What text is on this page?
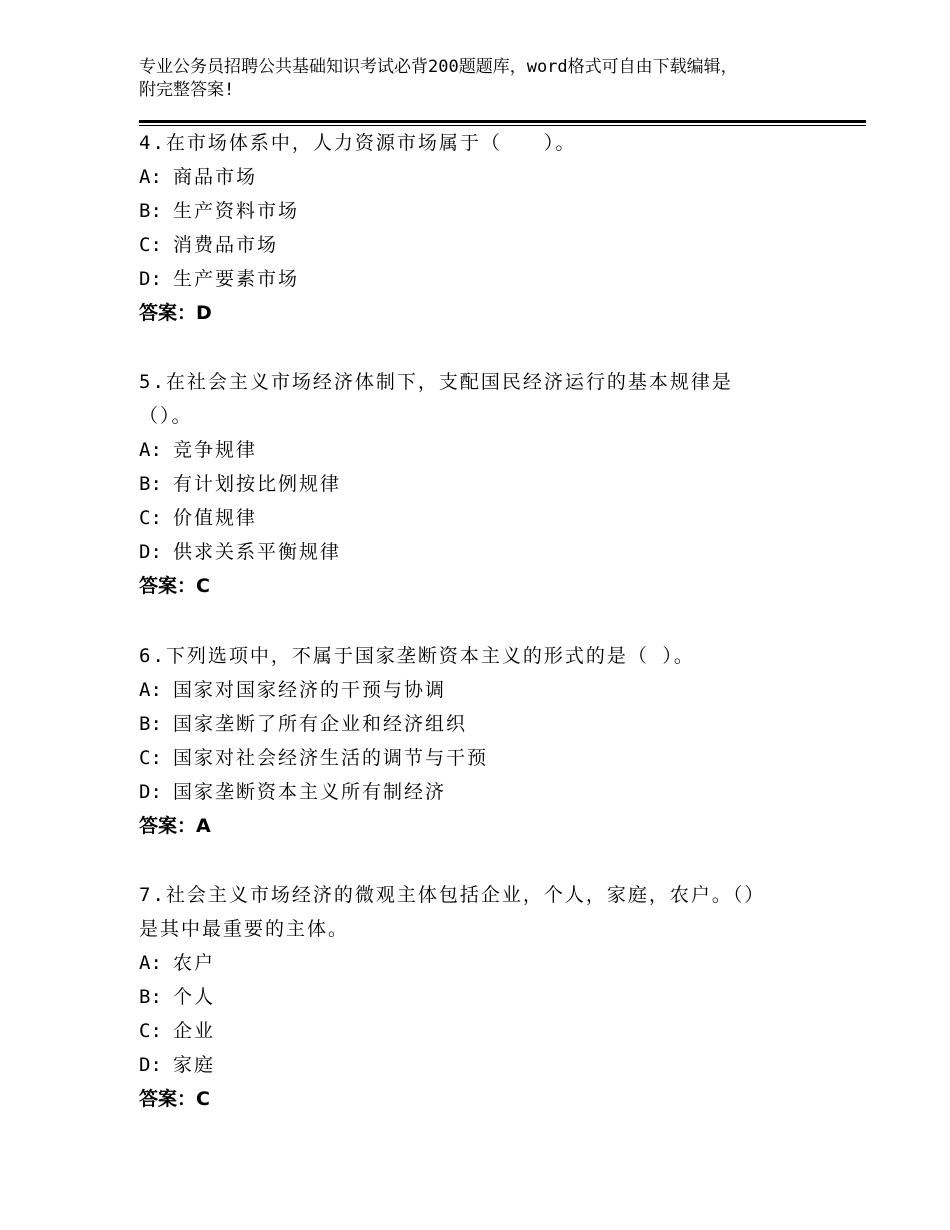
专业公务员招聘公共基础知识考试必背200题题库，word格式可自由下载编辑，
附完整答案!

4.在市场体系中，人力资源市场属于（　　）。

A: 商品市场

B: 生产资料市场

C: 消费品市场

D: 生产要素市场

答案：D

5.在社会主义市场经济体制下，支配国民经济运行的基本规律是（）。

A: 竞争规律

B: 有计划按比例规律

C: 价值规律

D: 供求关系平衡规律

答案：C

6.下列选项中，不属于国家垄断资本主义的形式的是（ ）。

A: 国家对国家经济的干预与协调

B: 国家垄断了所有企业和经济组织

C: 国家对社会经济生活的调节与干预

D: 国家垄断资本主义所有制经济

答案：A

7.社会主义市场经济的微观主体包括企业，个人，家庭，农户。（）是其中最重要的主体。

A: 农户

B: 个人

C: 企业

D: 家庭

答案：C
